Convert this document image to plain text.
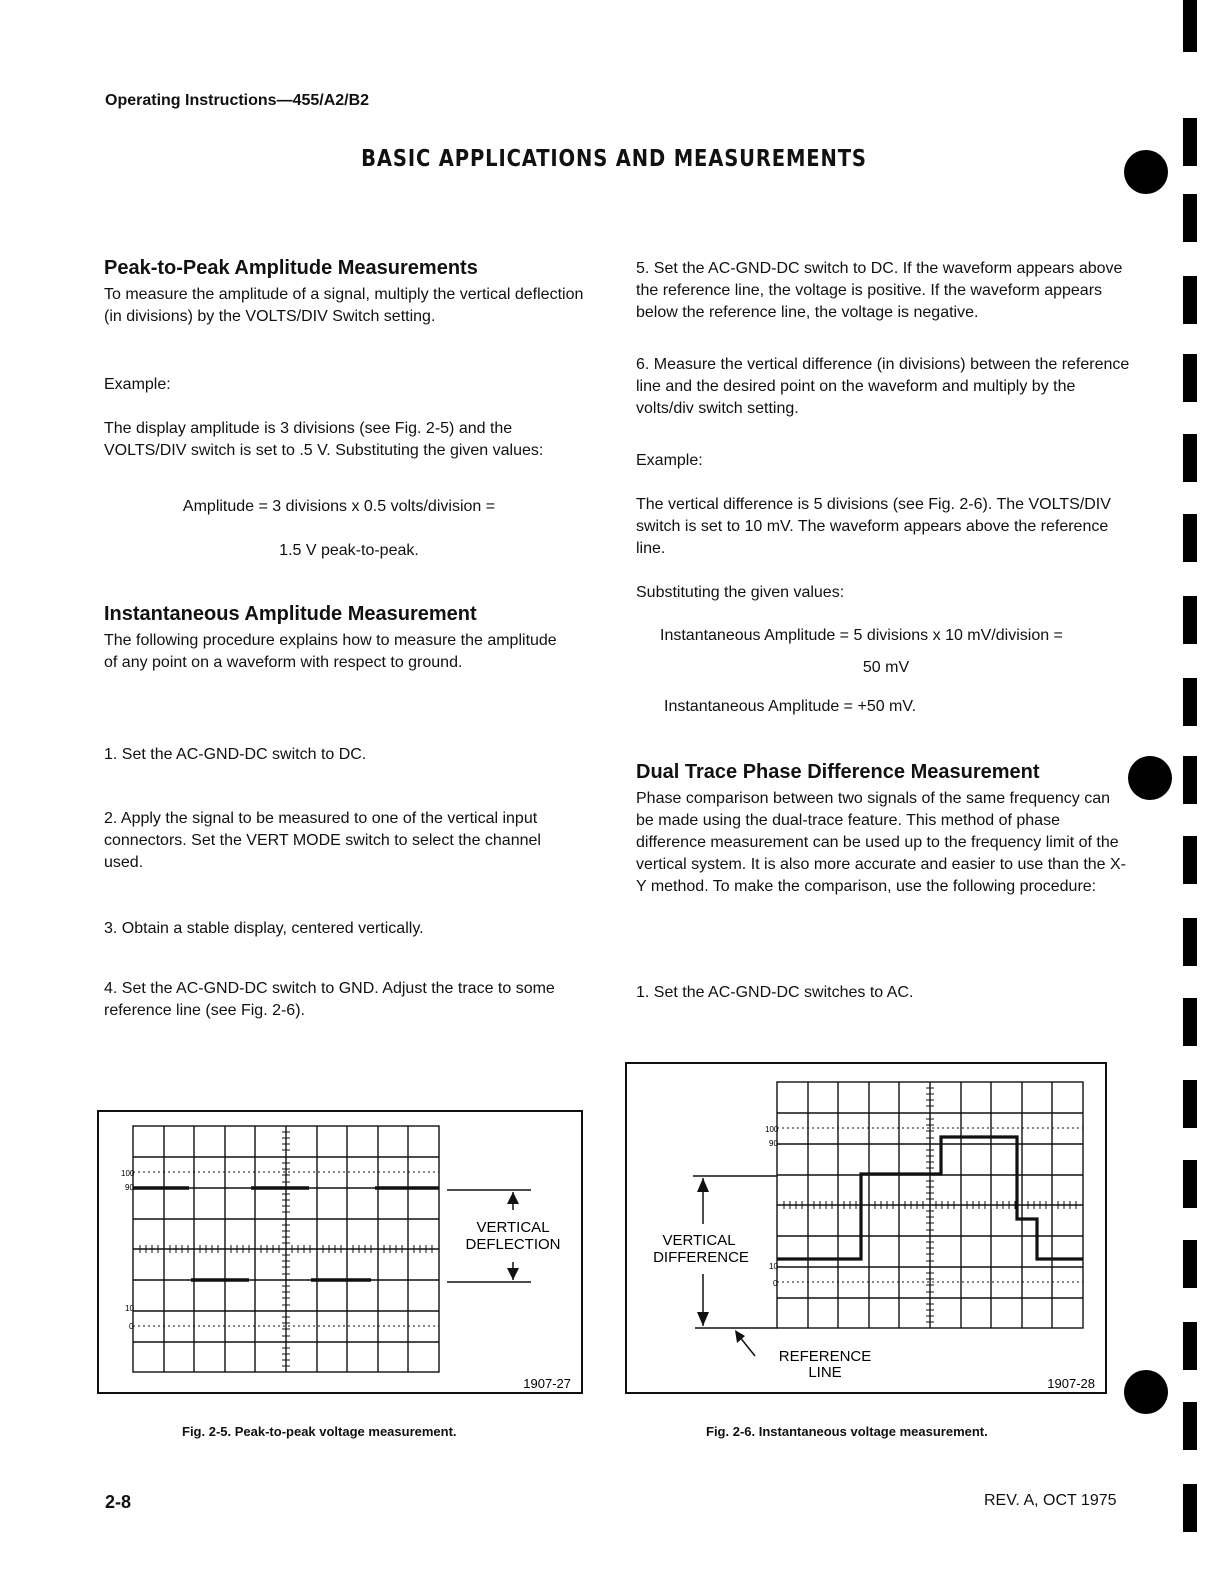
Operating Instructions—455/A2/B2
BASIC APPLICATIONS AND MEASUREMENTS
Peak-to-Peak Amplitude Measurements

To measure the amplitude of a signal, multiply the vertical deflection (in divisions) by the VOLTS/DIV Switch setting.

Example:

The display amplitude is 3 divisions (see Fig. 2-5) and the VOLTS/DIV switch is set to .5 V. Substituting the given values:

Amplitude = 3 divisions x 0.5 volts/division =

1.5 V peak-to-peak.

Instantaneous Amplitude Measurement

The following procedure explains how to measure the amplitude of any point on a waveform with respect to ground.

1. Set the AC-GND-DC switch to DC.

2. Apply the signal to be measured to one of the vertical input connectors. Set the VERT MODE switch to select the channel used.

3. Obtain a stable display, centered vertically.

4. Set the AC-GND-DC switch to GND. Adjust the trace to some reference line (see Fig. 2-6).

5. Set the AC-GND-DC switch to DC. If the waveform appears above the reference line, the voltage is positive. If the waveform appears below the reference line, the voltage is negative.

6. Measure the vertical difference (in divisions) between the reference line and the desired point on the waveform and multiply by the volts/div switch setting.

Example:

The vertical difference is 5 divisions (see Fig. 2-6). The VOLTS/DIV switch is set to 10 mV. The waveform appears above the reference line.

Substituting the given values:

Instantaneous Amplitude = 5 divisions x 10 mV/division =

50 mV

Instantaneous Amplitude = +50 mV.

Dual Trace Phase Difference Measurement

Phase comparison between two signals of the same frequency can be made using the dual-trace feature. This method of phase difference measurement can be used up to the frequency limit of the vertical system. It is also more accurate and easier to use than the X-Y method. To make the comparison, use the following procedure:

1. Set the AC-GND-DC switches to AC.

100
90
10
0
VERTICAL
DEFLECTION
1907-27
Fig. 2-5. Peak-to-peak voltage measurement.
100
90
10
0
VERTICAL
DIFFERENCE
REFERENCE
LINE
1907-28
Fig. 2-6. Instantaneous voltage measurement.
2-8	REV. A, OCT 1975
